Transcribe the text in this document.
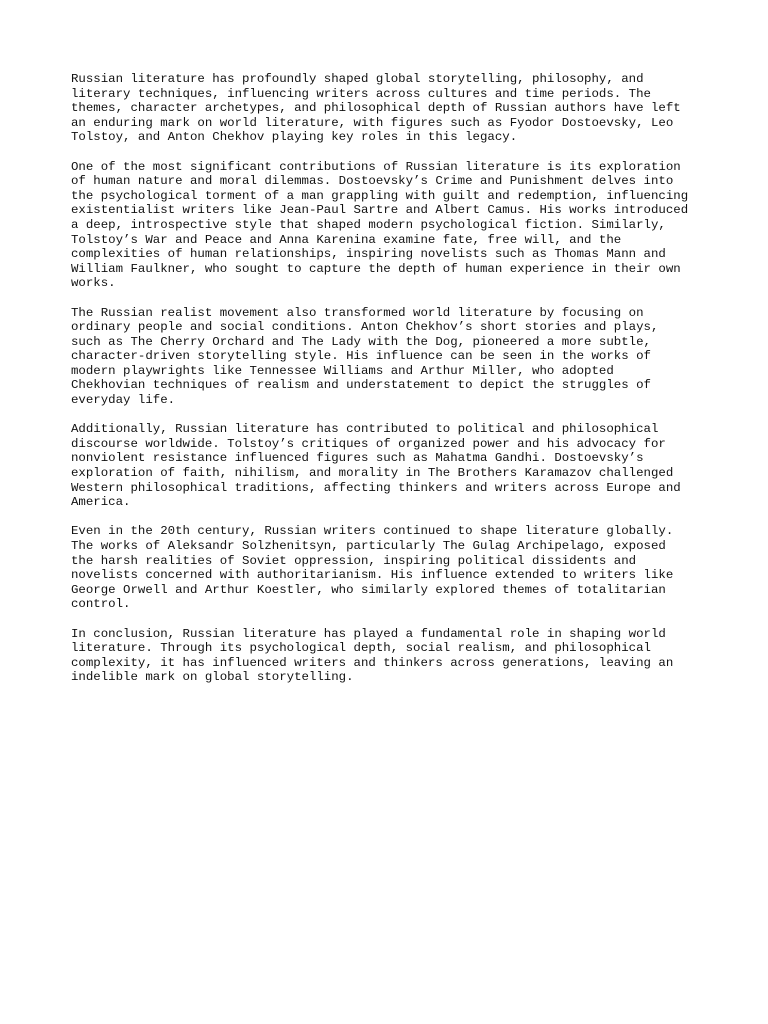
Russian literature has profoundly shaped global storytelling, philosophy, and
literary techniques, influencing writers across cultures and time periods. The
themes, character archetypes, and philosophical depth of Russian authors have left
an enduring mark on world literature, with figures such as Fyodor Dostoevsky, Leo
Tolstoy, and Anton Chekhov playing key roles in this legacy.

One of the most significant contributions of Russian literature is its exploration
of human nature and moral dilemmas. Dostoevsky’s Crime and Punishment delves into
the psychological torment of a man grappling with guilt and redemption, influencing
existentialist writers like Jean-Paul Sartre and Albert Camus. His works introduced
a deep, introspective style that shaped modern psychological fiction. Similarly,
Tolstoy’s War and Peace and Anna Karenina examine fate, free will, and the
complexities of human relationships, inspiring novelists such as Thomas Mann and
William Faulkner, who sought to capture the depth of human experience in their own
works.

The Russian realist movement also transformed world literature by focusing on
ordinary people and social conditions. Anton Chekhov’s short stories and plays,
such as The Cherry Orchard and The Lady with the Dog, pioneered a more subtle,
character-driven storytelling style. His influence can be seen in the works of
modern playwrights like Tennessee Williams and Arthur Miller, who adopted
Chekhovian techniques of realism and understatement to depict the struggles of
everyday life.

Additionally, Russian literature has contributed to political and philosophical
discourse worldwide. Tolstoy’s critiques of organized power and his advocacy for
nonviolent resistance influenced figures such as Mahatma Gandhi. Dostoevsky’s
exploration of faith, nihilism, and morality in The Brothers Karamazov challenged
Western philosophical traditions, affecting thinkers and writers across Europe and
America.

Even in the 20th century, Russian writers continued to shape literature globally.
The works of Aleksandr Solzhenitsyn, particularly The Gulag Archipelago, exposed
the harsh realities of Soviet oppression, inspiring political dissidents and
novelists concerned with authoritarianism. His influence extended to writers like
George Orwell and Arthur Koestler, who similarly explored themes of totalitarian
control.

In conclusion, Russian literature has played a fundamental role in shaping world
literature. Through its psychological depth, social realism, and philosophical
complexity, it has influenced writers and thinkers across generations, leaving an
indelible mark on global storytelling.
